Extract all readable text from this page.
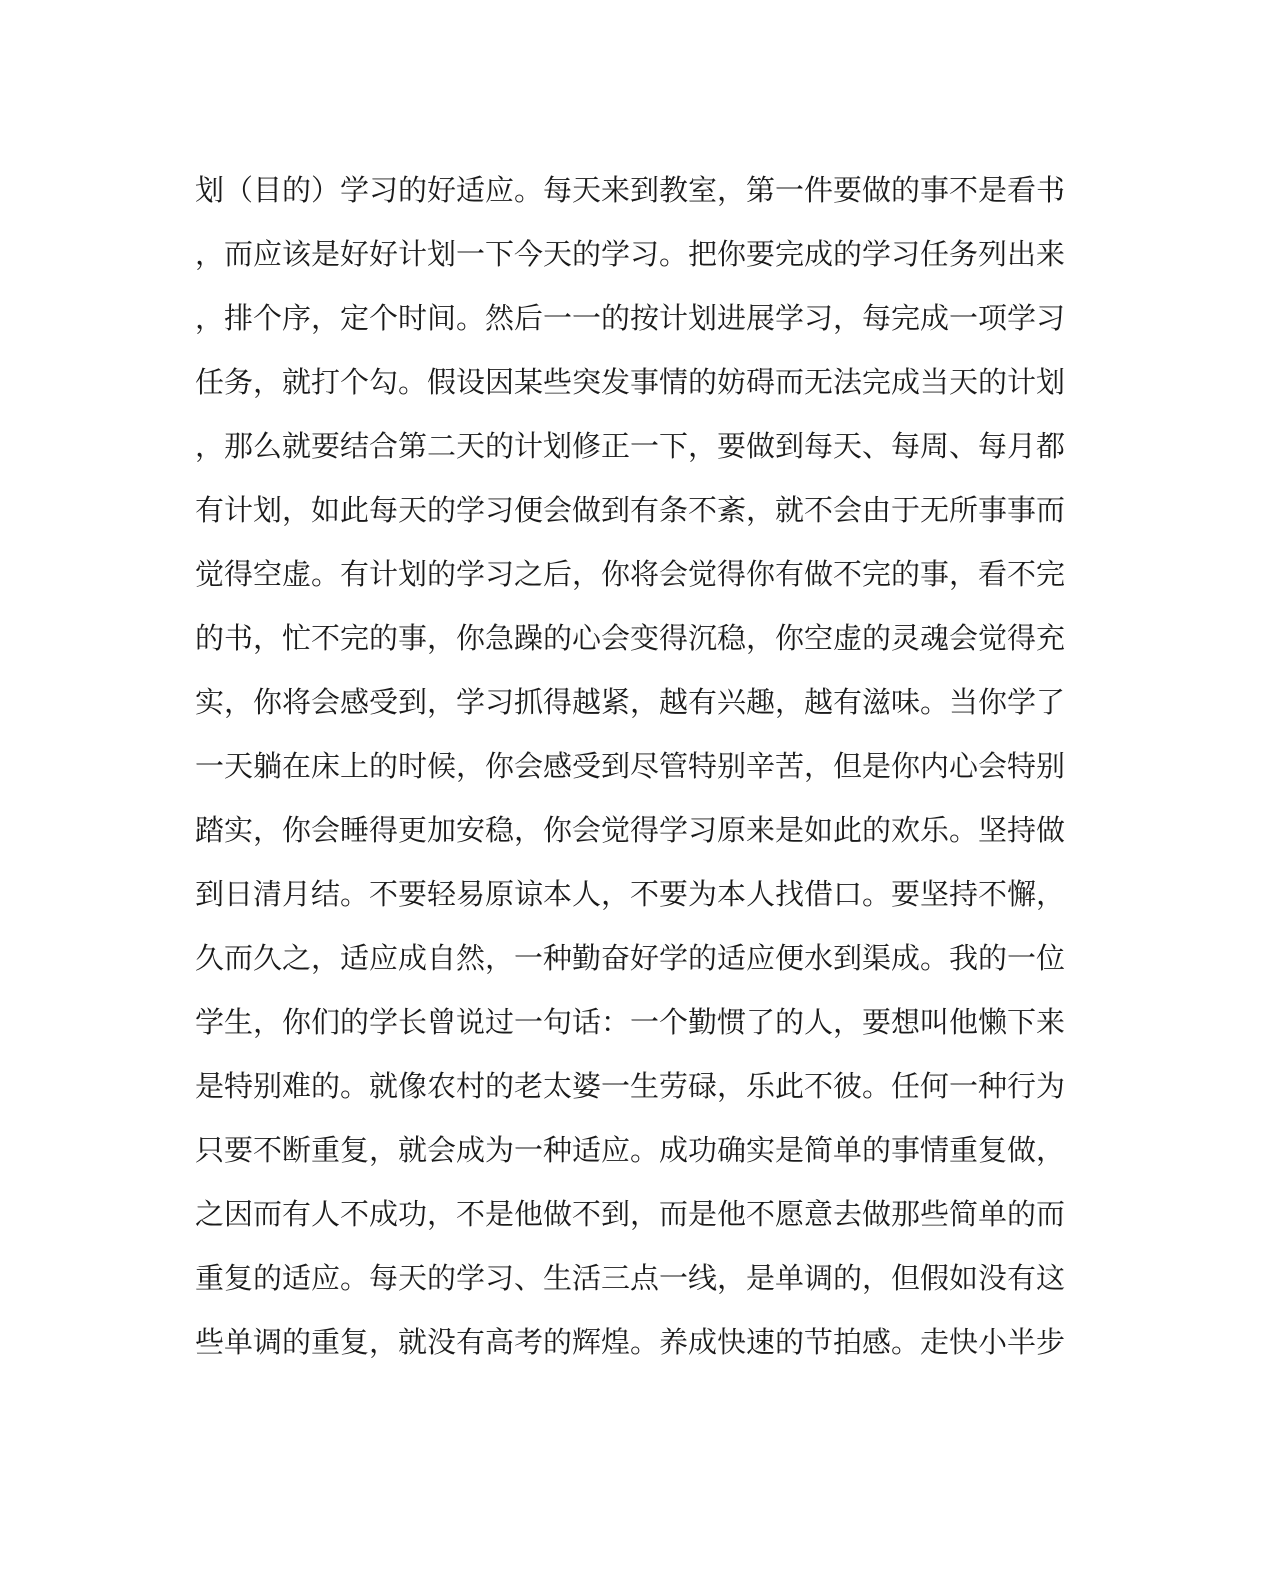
划（目的）学习的好适应。每天来到教室，第一件要做的事不是看书
，而应该是好好计划一下今天的学习。把你要完成的学习任务列出来
，排个序，定个时间。然后一一的按计划进展学习，每完成一项学习
任务，就打个勾。假设因某些突发事情的妨碍而无法完成当天的计划
，那么就要结合第二天的计划修正一下，要做到每天、每周、每月都
有计划，如此每天的学习便会做到有条不紊，就不会由于无所事事而
觉得空虚。有计划的学习之后，你将会觉得你有做不完的事，看不完
的书，忙不完的事，你急躁的心会变得沉稳，你空虚的灵魂会觉得充
实，你将会感受到，学习抓得越紧，越有兴趣，越有滋味。当你学了
一天躺在床上的时候，你会感受到尽管特别辛苦，但是你内心会特别
踏实，你会睡得更加安稳，你会觉得学习原来是如此的欢乐。坚持做
到日清月结。不要轻易原谅本人，不要为本人找借口。要坚持不懈，
久而久之，适应成自然，一种勤奋好学的适应便水到渠成。我的一位
学生，你们的学长曾说过一句话：一个勤惯了的人，要想叫他懒下来
是特别难的。就像农村的老太婆一生劳碌，乐此不彼。任何一种行为
只要不断重复，就会成为一种适应。成功确实是简单的事情重复做，
之因而有人不成功，不是他做不到，而是他不愿意去做那些简单的而
重复的适应。每天的学习、生活三点一线，是单调的，但假如没有这
些单调的重复，就没有高考的辉煌。养成快速的节拍感。走快小半步
